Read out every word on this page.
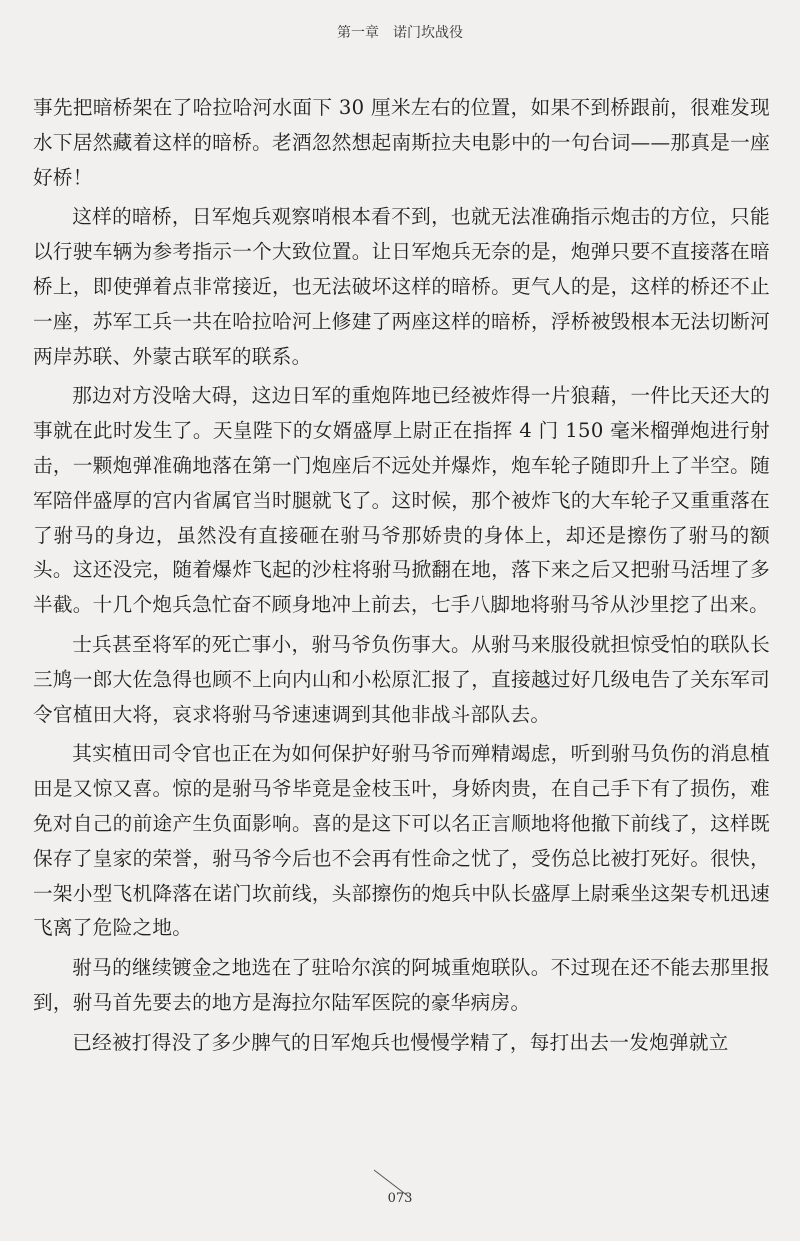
第一章　诺门坎战役

事先把暗桥架在了哈拉哈河水面下 30 厘米左右的位置，如果不到桥跟前，很难发现水下居然藏着这样的暗桥。老酒忽然想起南斯拉夫电影中的一句台词——那真是一座好桥！

这样的暗桥，日军炮兵观察哨根本看不到，也就无法准确指示炮击的方位，只能以行驶车辆为参考指示一个大致位置。让日军炮兵无奈的是，炮弹只要不直接落在暗桥上，即使弹着点非常接近，也无法破坏这样的暗桥。更气人的是，这样的桥还不止一座，苏军工兵一共在哈拉哈河上修建了两座这样的暗桥，浮桥被毁根本无法切断河两岸苏联、外蒙古联军的联系。

那边对方没啥大碍，这边日军的重炮阵地已经被炸得一片狼藉，一件比天还大的事就在此时发生了。天皇陛下的女婿盛厚上尉正在指挥 4 门 150 毫米榴弹炮进行射击，一颗炮弹准确地落在第一门炮座后不远处并爆炸，炮车轮子随即升上了半空。随军陪伴盛厚的宫内省属官当时腿就飞了。这时候，那个被炸飞的大车轮子又重重落在了驸马的身边，虽然没有直接砸在驸马爷那娇贵的身体上，却还是擦伤了驸马的额头。这还没完，随着爆炸飞起的沙柱将驸马掀翻在地，落下来之后又把驸马活埋了多半截。十几个炮兵急忙奋不顾身地冲上前去，七手八脚地将驸马爷从沙里挖了出来。

士兵甚至将军的死亡事小，驸马爷负伤事大。从驸马来服役就担惊受怕的联队长三鸠一郎大佐急得也顾不上向内山和小松原汇报了，直接越过好几级电告了关东军司令官植田大将，哀求将驸马爷速速调到其他非战斗部队去。

其实植田司令官也正在为如何保护好驸马爷而殚精竭虑，听到驸马负伤的消息植田是又惊又喜。惊的是驸马爷毕竟是金枝玉叶，身娇肉贵，在自己手下有了损伤，难免对自己的前途产生负面影响。喜的是这下可以名正言顺地将他撤下前线了，这样既保存了皇家的荣誉，驸马爷今后也不会再有性命之忧了，受伤总比被打死好。很快，一架小型飞机降落在诺门坎前线，头部擦伤的炮兵中队长盛厚上尉乘坐这架专机迅速飞离了危险之地。

驸马的继续镀金之地选在了驻哈尔滨的阿城重炮联队。不过现在还不能去那里报到，驸马首先要去的地方是海拉尔陆军医院的豪华病房。

已经被打得没了多少脾气的日军炮兵也慢慢学精了，每打出去一发炮弹就立

073
